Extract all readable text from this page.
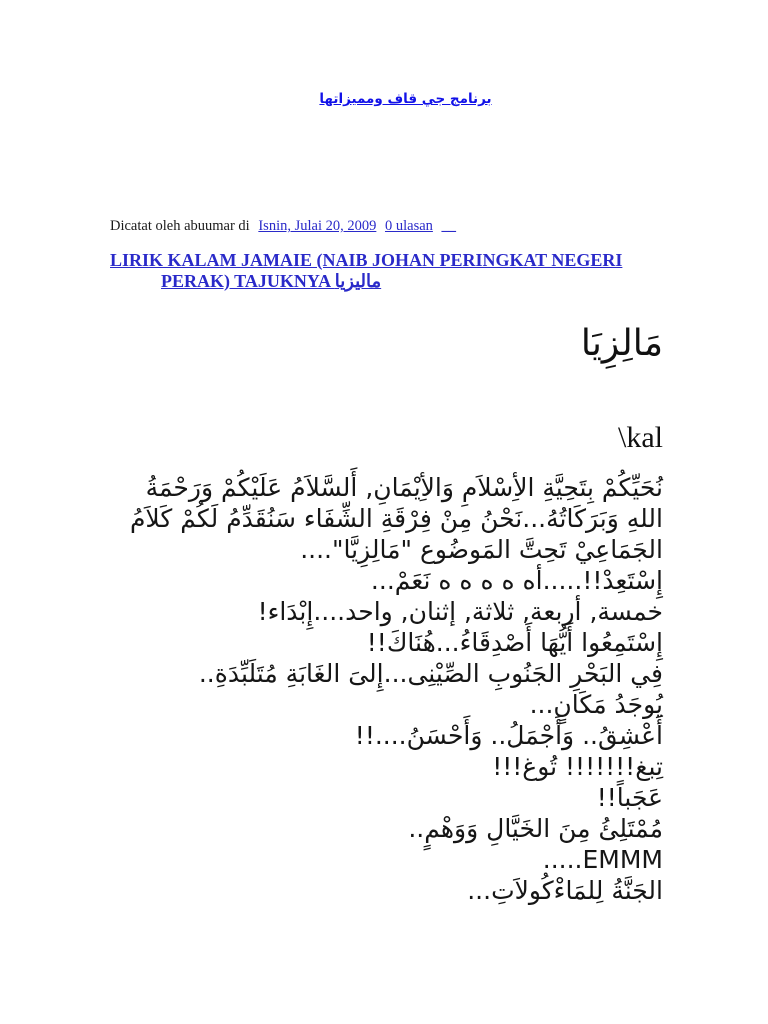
برنامج جي قاف ومميزاتها
Dicatat oleh abuumar di Isnin, Julai 20, 2009 0 ulasan __
LIRIK KALAM JAMAIE (NAIB JOHAN PERINGKAT NEGERI
PERAK) TAJUKNYA ماليزيا
مَالِزِيَا
\kal
نُحَيِّكُمْ بِتَحِيَّةِ الأِسْلاَمِ وَالأِيْمَانِ, أَلسَّلاَمُ عَلَيْكُمْ وَرَحْمَةُ
اللهِ وَبَرَكَاتُهُ...نَحْنُ مِنْ فِرْقَةِ الشِّفَاء سَنُقَدِّمُ لَكُمْ كَلاَمُ
الجَمَاعِيْ تَحِتَّ المَوضُوع "مَالِزِيَّا"....
إِسْتَعِدْ!!.....أه ه ه ه ه نَعَمْ...
خمسة, أربعة, ثلاثة, إثنان, واحد....إِبْدَاء!
إِسْتَمِعُوا أَيُّهَا أَصْدِقَاءُ...هُنَاكَ!!
فِي البَحْرِ الجَنُوبِ الصِّيْنِى...إِلىَ الغَابَةِ مُتَلَبِّدَةِ..
يُوجَدُ مَكَانٍ...
أَعْشِقُ.. وَأَجْمَلُ.. وَأَحْسَنُ....!!
تِبغ!!!!!!! تُوغ!!!
عَجَباً!!
مُمْتَلِئُ مِنَ الخَيَّالِ وَوَهْمٍ..
.....EMMM
الجَنَّةُ لِلمَاءْكُولاَتِ...
